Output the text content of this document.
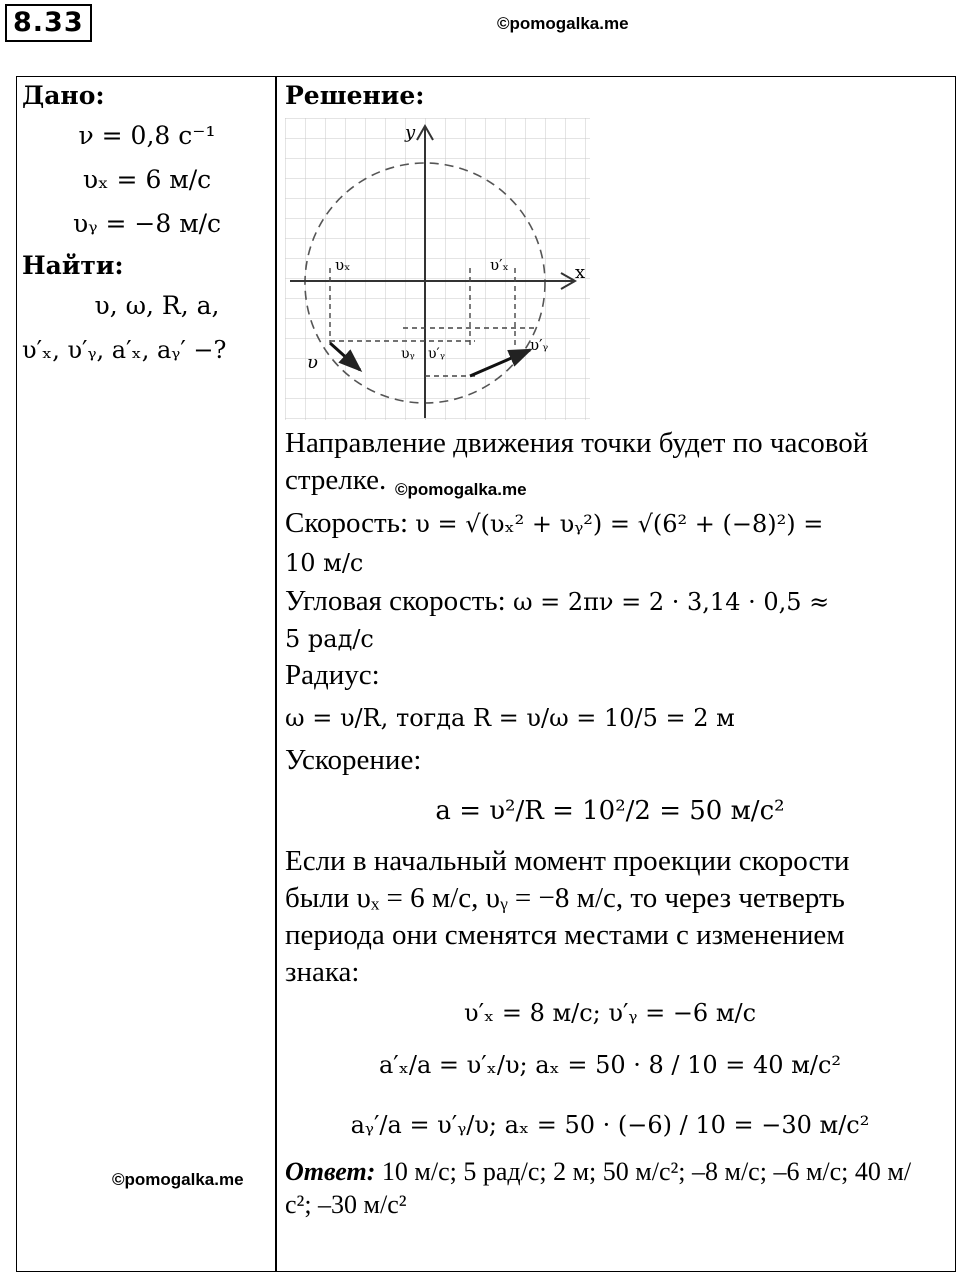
8.33	©pomogalka.me

Дано:

ν = 0,8 с⁻¹
υₓ = 6 м/с
υᵧ = −8 м/с

Найти:

υ, ω, R, a,
υ′ₓ, υ′ᵧ, a′ₓ, aᵧ′ −?
©pomogalka.me

Решение:

y
x
υₓ	υ′ₓ
υᵧ υ′ᵧ
υ
υ′ᵧ
Направление движения точки будет по часовой стрелке. ©pomogalka.me
Скорость: υ = √(υₓ² + υᵧ²) = √(6² + (−8)²) =
10 м/с
Угловая скорость: ω = 2πν = 2 · 3,14 · 0,5 ≈
5 рад/с
Радиус:
ω = υ/R, тогда R = υ/ω = 10/5 = 2 м
Ускорение:
a = υ²/R = 10²/2 = 50 м/с²
Если в начальный момент проекции скорости
были υₓ = 6 м/с, υᵧ = −8 м/с, то через четверть
периода они сменятся местами с изменением
знака:
υ′ₓ = 8 м/с; υ′ᵧ = −6 м/с
a′ₓ/a = υ′ₓ/υ; aₓ = 50 · 8 / 10 = 40 м/с²
aᵧ′/a = υ′ᵧ/υ; aₓ = 50 · (−6) / 10 = −30 м/с²
Ответ: 10 м/с; 5 рад/с; 2 м; 50 м/с²; –8 м/с; –6 м/с; 40 м/с²; –30 м/с²
